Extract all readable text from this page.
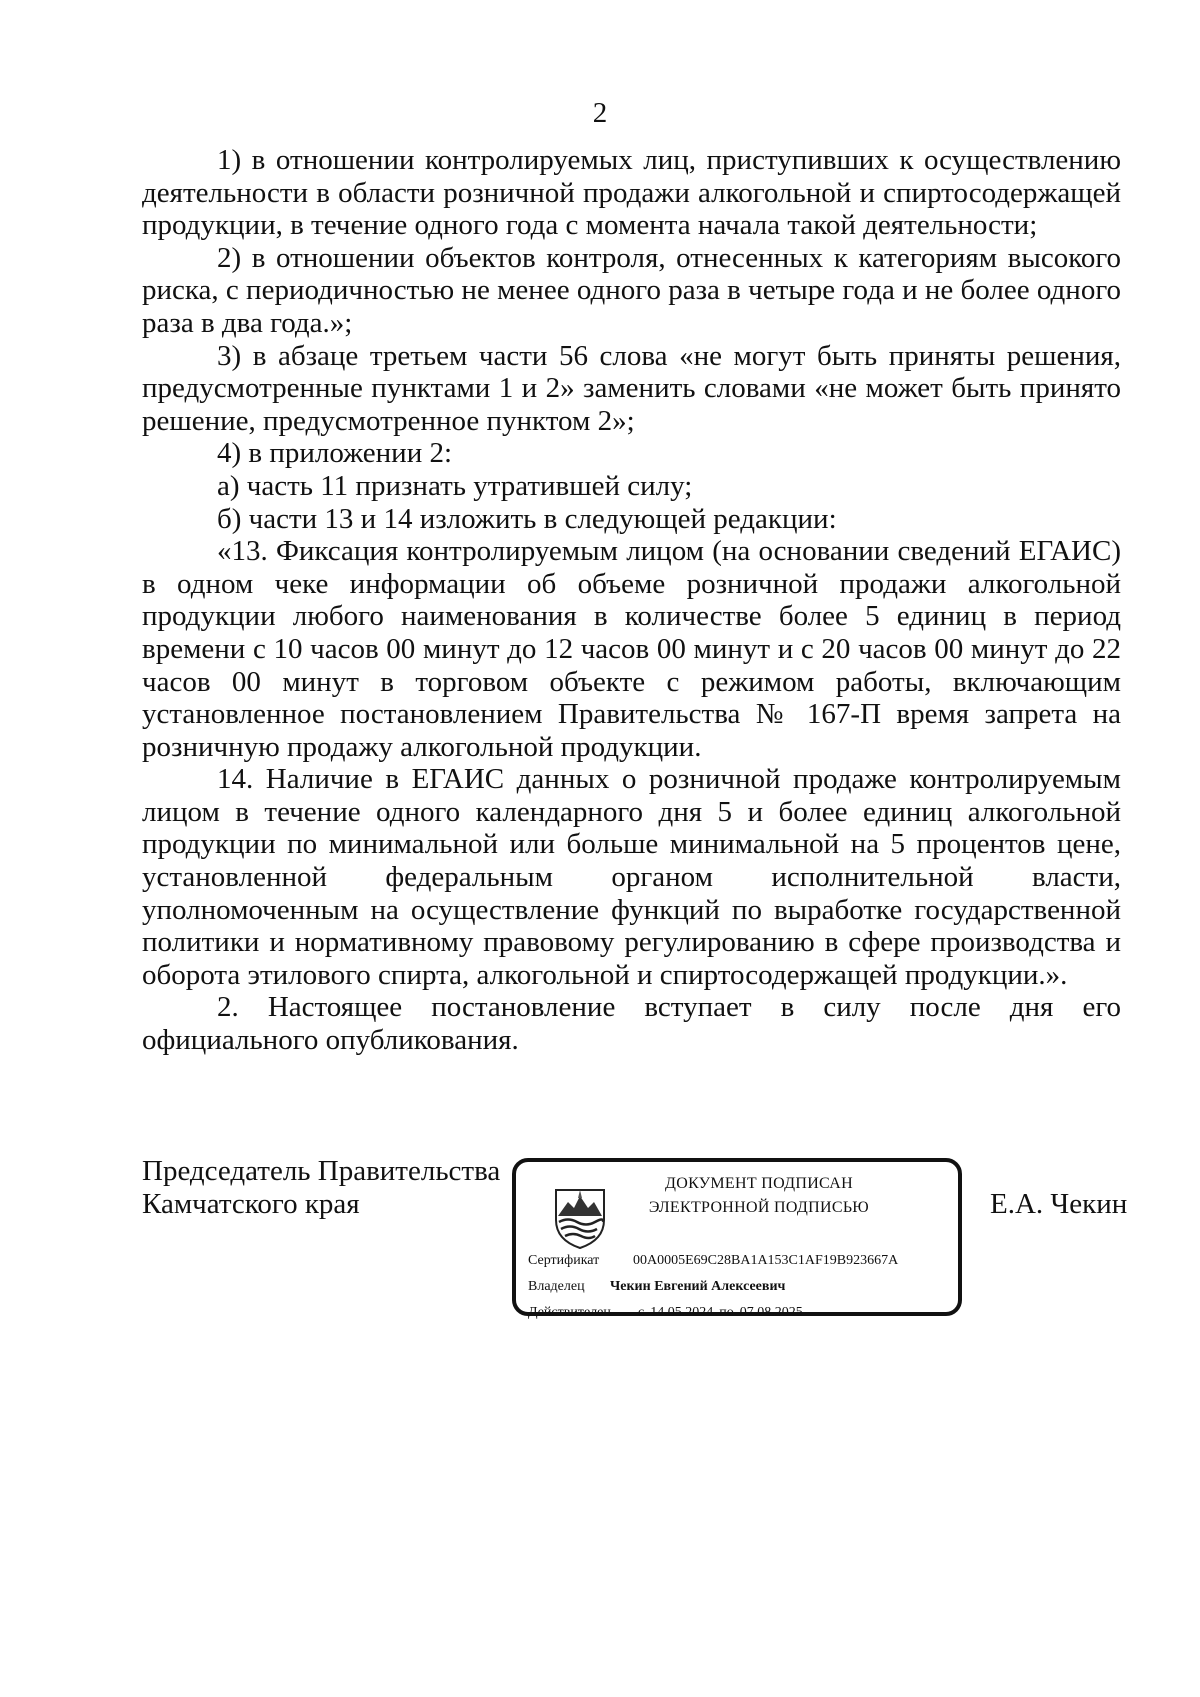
2

1) в отношении контролируемых лиц, приступивших к осуществлению деятельности в области розничной продажи алкогольной и спиртосодержащей продукции, в течение одного года с момента начала такой деятельности;

2) в отношении объектов контроля, отнесенных к категориям высокого риска, с периодичностью не менее одного раза в четыре года и не более одного раза в два года.»;

3) в абзаце третьем части 56 слова «не могут быть приняты решения, предусмотренные пунктами 1 и 2» заменить словами «не может быть принято решение, предусмотренное пунктом 2»;

4) в приложении 2:

а) часть 11 признать утратившей силу;

б) части 13 и 14 изложить в следующей редакции:

«13. Фиксация контролируемым лицом (на основании сведений ЕГАИС) в одном чеке информации об объеме розничной продажи алкогольной продукции любого наименования в количестве более 5 единиц в период времени с 10 часов 00 минут до 12 часов 00 минут и с 20 часов 00 минут до 22 часов 00 минут в торговом объекте с режимом работы, включающим установленное постановлением Правительства № 167-П время запрета на розничную продажу алкогольной продукции.

14. Наличие в ЕГАИС данных о розничной продаже контролируемым лицом в течение одного календарного дня 5 и более единиц алкогольной продукции по минимальной или больше минимальной на 5 процентов цене, установленной федеральным органом исполнительной власти, уполномоченным на осуществление функций по выработке государственной политики и нормативному правовому регулированию в сфере производства и оборота этилового спирта, алкогольной и спиртосодержащей продукции.».

2. Настоящее постановление вступает в силу после дня его официального опубликования.

Председатель Правительства
Камчатского края
ДОКУМЕНТ ПОДПИСАН
ЭЛЕКТРОННОЙ ПОДПИСЬЮ
Сертификат 00A0005E69C28BA1A153C1AF19B923667A
Владелец Чекин Евгений Алексеевич
Действителен с 14.05.2024 по 07.08.2025
Е.А. Чекин
